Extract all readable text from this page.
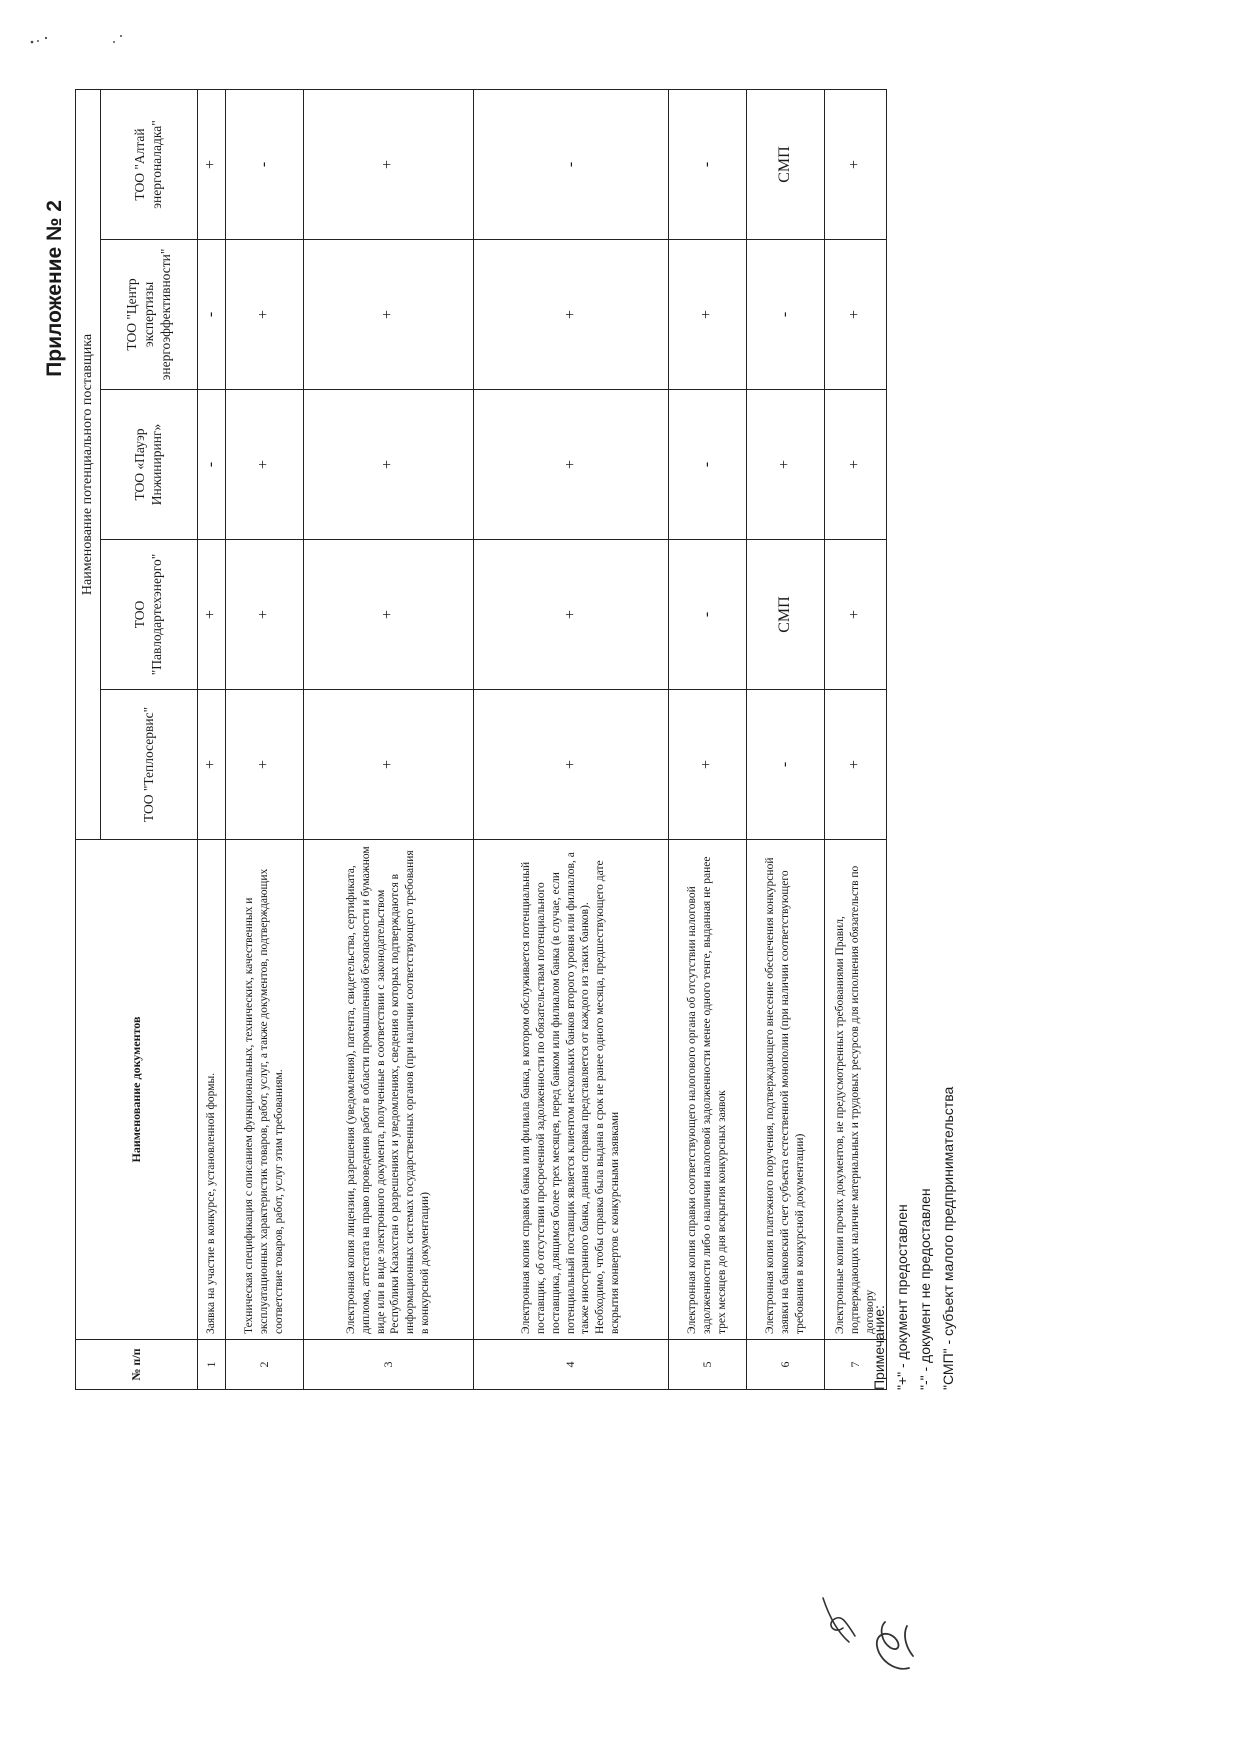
Приложение № 2
№ п/п	Наименование документов	Наименование потенциального поставщика				
		ТОО "Теплосервис"	ТОО "Павлодартехэнерго"	ТОО «Пауэр Инжиниринг»	ТОО "Центр экспертизы энергоэффективности"	ТОО "Алтай энергоналадка"
1	Заявка на участие в конкурсе, установленной формы.	+	+	-	-	+
2	Техническая спецификация с описанием функциональных, технических, качественных и эксплуатационных характеристик товаров, работ, услуг, а также документов, подтверждающих соответствие товаров, работ, услуг этим требованиям.	+	+	+	+	-
3	Электронная копия лицензии, разрешения (уведомления), патента, свидетельства, сертификата, диплома, аттестата на право проведения работ в области промышленной безопасности и бумажном виде или в виде электронного документа, полученные в соответствии с законодательством Республики Казахстан о разрешениях и уведомлениях, сведения о которых подтверждаются в информационных системах государственных органов (при наличии соответствующего требования в конкурсной документации)	+	+	+	+	+
4	Электронная копия справки банка или филиала банка, в котором обслуживается потенциальный поставщик, об отсутствии просроченной задолженности по обязательствам потенциального поставщика, длящимся более трех месяцев, перед банком или филиалом банка (в случае, если потенциальный поставщик является клиентом нескольких банков второго уровня или филиалов, а также иностранного банка, данная справка представляется от каждого из таких банков). Необходимо, чтобы справка была выдана в срок не ранее одного месяца, предшествующего дате вскрытия конвертов с конкурсными заявками	+	+	+	+	-
5	Электронная копия справки соответствующего налогового органа об отсутствии налоговой задолженности либо о наличии налоговой задолженности менее одного тенге, выданная не ранее трех месяцев до дня вскрытия конкурсных заявок	+	-	-	+	-
6	Электронная копия платежного поручения, подтверждающего внесение обеспечения конкурсной заявки на банковский счет субъекта естественной монополии (при наличии соответствующего требования в конкурсной документации)	-	СМП	+	-	СМП
7	Электронные копии прочих документов, не предусмотренных требованиями Правил, подтверждающих наличие материальных и трудовых ресурсов для исполнения обязательств по договору	+	+	+	+	+
Примечание: "+" - документ предоставлен "-" - документ не предоставлен "СМП" - субъект малого предпринимательства
